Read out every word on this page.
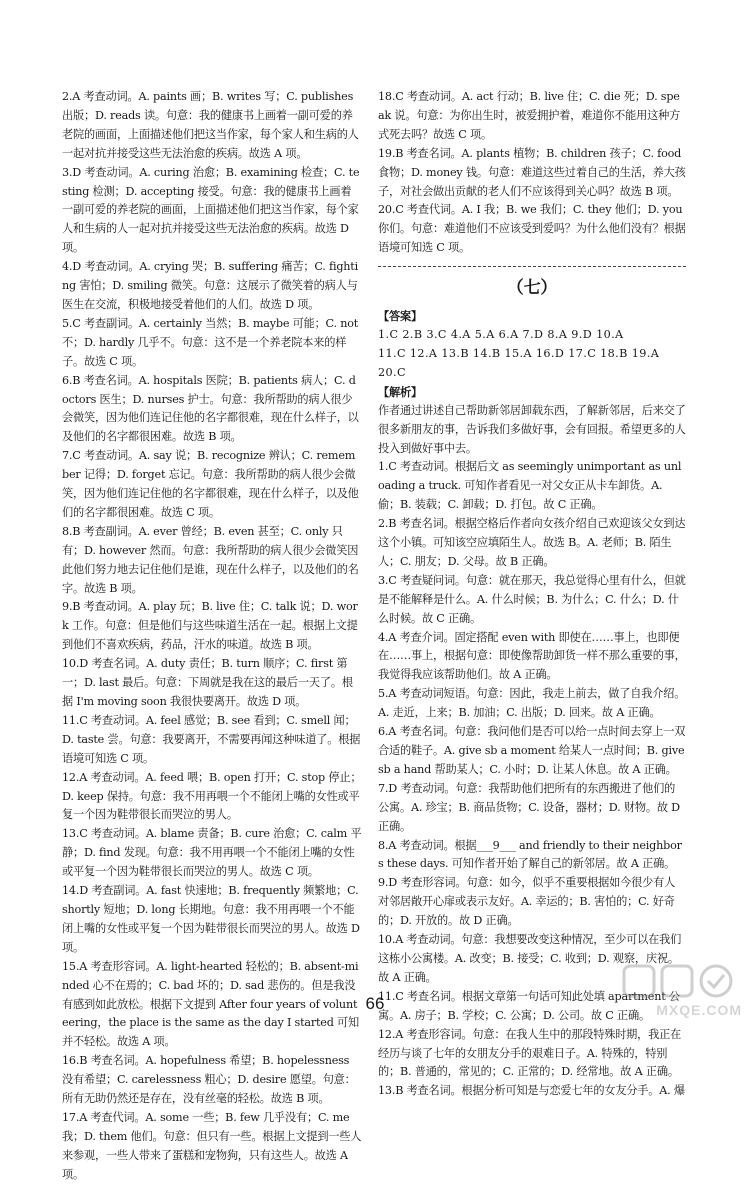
2.A 考查动词。A. paints 画；B. writes 写；C. publishes 出版；D. reads 读。句意：我的健康书上画着一副可爱的养老院的画面，上面描述他们把这当作家，每个家人和生病的人一起对抗并接受这些无法治愈的疾病。故选 A 项。

3.D 考查动词。A. curing 治愈；B. examining 检查；C. testing 检测；D. accepting 接受。句意：我的健康书上画着一副可爱的养老院的画面，上面描述他们把这当作家，每个家人和生病的人一起对抗并接受这些无法治愈的疾病。故选 D 项。

4.D 考查动词。A. crying 哭；B. suffering 痛苦；C. fighting 害怕；D. smiling 微笑。句意：这展示了微笑着的病人与医生在交流，积极地接受着他们的人们。故选 D 项。

5.C 考查副词。A. certainly 当然；B. maybe 可能；C. not 不；D. hardly 几乎不。句意：这不是一个养老院本来的样子。故选 C 项。

6.B 考查名词。A. hospitals 医院；B. patients 病人；C. doctors 医生；D. nurses 护士。句意：我所帮助的病人很少会微笑，因为他们连记住他的名字都很难，现在什么样子，以及他们的名字都很困难。故选 B 项。

7.C 考查动词。A. say 说；B. recognize 辨认；C. remember 记得；D. forget 忘记。句意：我所帮助的病人很少会微笑，因为他们连记住他的名字都很难，现在什么样子，以及他们的名字都很困难。故选 C 项。

8.B 考查副词。A. ever 曾经；B. even 甚至；C. only 只有；D. however 然而。句意：我所帮助的病人很少会微笑因此他们努力地去记住他们是谁，现在什么样子，以及他们的名字。故选 B 项。

9.B 考查动词。A. play 玩；B. live 住；C. talk 说；D. work 工作。句意：但是他们与这些味道生活在一起。根据上文提到他们不喜欢疾病，药品，汗水的味道。故选 B 项。

10.D 考查名词。A. duty 责任；B. turn 顺序；C. first 第一；D. last 最后。句意：下周就是我在这的最后一天了。根据 I'm moving soon 我很快要离开。故选 D 项。

11.C 考查动词。A. feel 感觉；B. see 看到；C. smell 闻；D. taste 尝。句意：我要离开，不需要再闻这种味道了。根据语境可知选 C 项。

12.A 考查动词。A. feed 喂；B. open 打开；C. stop 停止；D. keep 保持。句意：我不用再喂一个不能闭上嘴的女性或平复一个因为鞋带很长而哭泣的男人。

13.C 考查动词。A. blame 责备；B. cure 治愈；C. calm 平静；D. find 发现。句意：我不用再喂一个不能闭上嘴的女性或平复一个因为鞋带很长而哭泣的男人。故选 C 项。

14.D 考查副词。A. fast 快速地；B. frequently 频繁地；C. shortly 短地；D. long 长期地。句意：我不用再喂一个不能闭上嘴的女性或平复一个因为鞋带很长而哭泣的男人。故选 D 项。

15.A 考查形容词。A. light-hearted 轻松的；B. absent-minded 心不在焉的；C. bad 坏的；D. sad 悲伤的。但是我没有感到如此放松。根据下文提到 After four years of volunteering，the place is the same as the day I started 可知并不轻松。故选 A 项。

16.B 考查名词。A. hopefulness 希望；B. hopelessness 没有希望；C. carelessness 粗心；D. desire 愿望。句意：所有无助仍然还是存在，没有丝毫的轻松。故选 B 项。

17.A 考查代词。A. some 一些；B. few 几乎没有；C. me 我；D. them 他们。句意：但只有一些。根据上文提到一些人来参观，一些人带来了蛋糕和宠物狗，只有这些人。故选 A 项。

18.C 考查动词。A. act 行动；B. live 住；C. die 死；D. speak 说。句意：为你出生时，被爱拥护着，难道你不能用这种方式死去吗？故选 C 项。

19.B 考查名词。A. plants 植物；B. children 孩子；C. food 食物；D. money 钱。句意：难道这些过着自己的生活，养大孩子，对社会做出贡献的老人们不应该得到关心吗？故选 B 项。

20.C 考查代词。A. I 我；B. we 我们；C. they 他们；D. you 你们。句意：难道他们不应该受到爱吗？为什么他们没有？根据语境可知选 C 项。

（七）

【答案】

1.C 2.B 3.C 4.A 5.A 6.A 7.D 8.A 9.D 10.A

11.C 12.A 13.B 14.B 15.A 16.D 17.C 18.B 19.A

20.C

【解析】

作者通过讲述自己帮助新邻居卸载东西，了解新邻居，后来交了很多新朋友的事，告诉我们多做好事，会有回报。希望更多的人投入到做好事中去。

1.C 考查动词。根据后文 as seemingly unimportant as unloading a truck. 可知作者看见一对父女正从卡车卸货。A. 偷；B. 装载；C. 卸载；D. 打包。故 C 正确。

2.B 考查名词。根据空格后作者向女孩介绍自己欢迎该父女到达这个小镇。可知该空应填陌生人。故选 B。A. 老师；B. 陌生人；C. 朋友；D. 父母。故 B 正确。

3.C 考查疑问词。句意：就在那天，我总觉得心里有什么，但就是不能解释是什么。A. 什么时候；B. 为什么；C. 什么；D. 什么时候。故 C 正确。

4.A 考查介词。固定搭配 even with 即使在……事上，也即便在……事上，根据句意：即使像帮助卸货一样不那么重要的事，我觉得我应该帮助他们。故 A 正确。

5.A 考查动词短语。句意：因此，我走上前去，做了自我介绍。A. 走近，上来；B. 加油；C. 出版；D. 回来。故 A 正确。

6.A 考查名词。句意：我问他们是否可以给一点时间去穿上一双合适的鞋子。A. give sb a moment 给某人一点时间；B. give sb a hand 帮助某人；C. 小时；D. 让某人休息。故 A 正确。

7.D 考查动词。句意：我帮助他们把所有的东西搬进了他们的公寓。A. 珍宝；B. 商品货物；C. 设备，器材；D. 财物。故 D 正确。

8.A 考查动词。根据___9___ and friendly to their neighbors these days. 可知作者开始了解自己的新邻居。故 A 正确。

9.D 考查形容词。句意：如今，似乎不重要根据如今很少有人对邻居敞开心扉或表示友好。A. 幸运的；B. 害怕的；C. 好奇的；D. 开放的。故 D 正确。

10.A 考查动词。句意：我想要改变这种情况，至少可以在我们这栋小公寓楼。A. 改变；B. 接受；C. 收到；D. 观察，庆祝。故 A 正确。

11.C 考查名词。根据文章第一句话可知此处填 apartment 公寓。A. 房子；B. 学校；C. 公寓；D. 公司。故 C 正确。

12.A 考查形容词。句意：在我人生中的那段特殊时期，我正在经历与谈了七年的女朋友分手的艰难日子。A. 特殊的，特别的；B. 普通的，常见的；C. 正常的；D. 经常地。故 A 正确。

13.B 考查名词。根据分析可知是与恋爱七年的女友分手。A. 爆

66	MXQE.COM
